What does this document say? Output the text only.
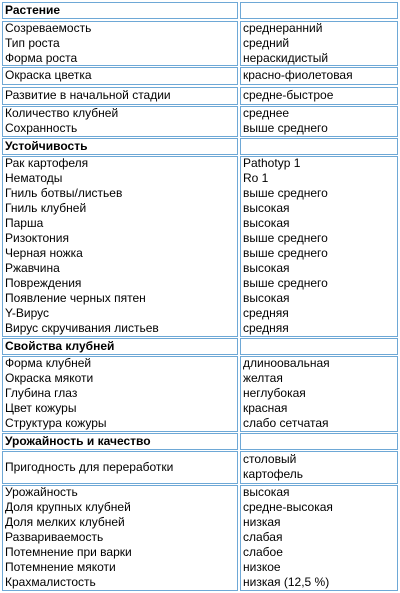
Растение
Созреваемость
Тип роста
Форма роста
среднеранний
средний
нераскидистый
Окраска цветка	красно-фиолетовая
Развитие в начальной стадии	средне-быстрое
Количество клубней
Сохранность
среднее
выше среднего
Устойчивость
Рак картофеля
Нематоды
Гниль ботвы/листьев
Гниль клубней
Парша
Ризоктония
Черная ножка
Ржавчина
Повреждения
Появление черных пятен
Y-Вирус
Вирус скручивания листьев
Pathotyp 1
Ro 1
выше среднего
высокая
высокая
выше среднего
выше среднего
высокая
выше среднего
высокая
средняя
средняя
Свойства клубней
Форма клубней
Окраска мякоти
Глубина глаз
Цвет кожуры
Структура кожуры
длиноовальная
желтая
неглубокая
красная
слабо сетчатая
Урожайность и качество
Пригодность для переработки
столовый
картофель
Урожайность
Доля крупных клубней
Доля мелких клубней
Развариваемость
Потемнение при варки
Потемнение мякоти
Крахмалистость
высокая
средне-высокая
низкая
слабая
слабое
низкое
низкая (12,5 %)
